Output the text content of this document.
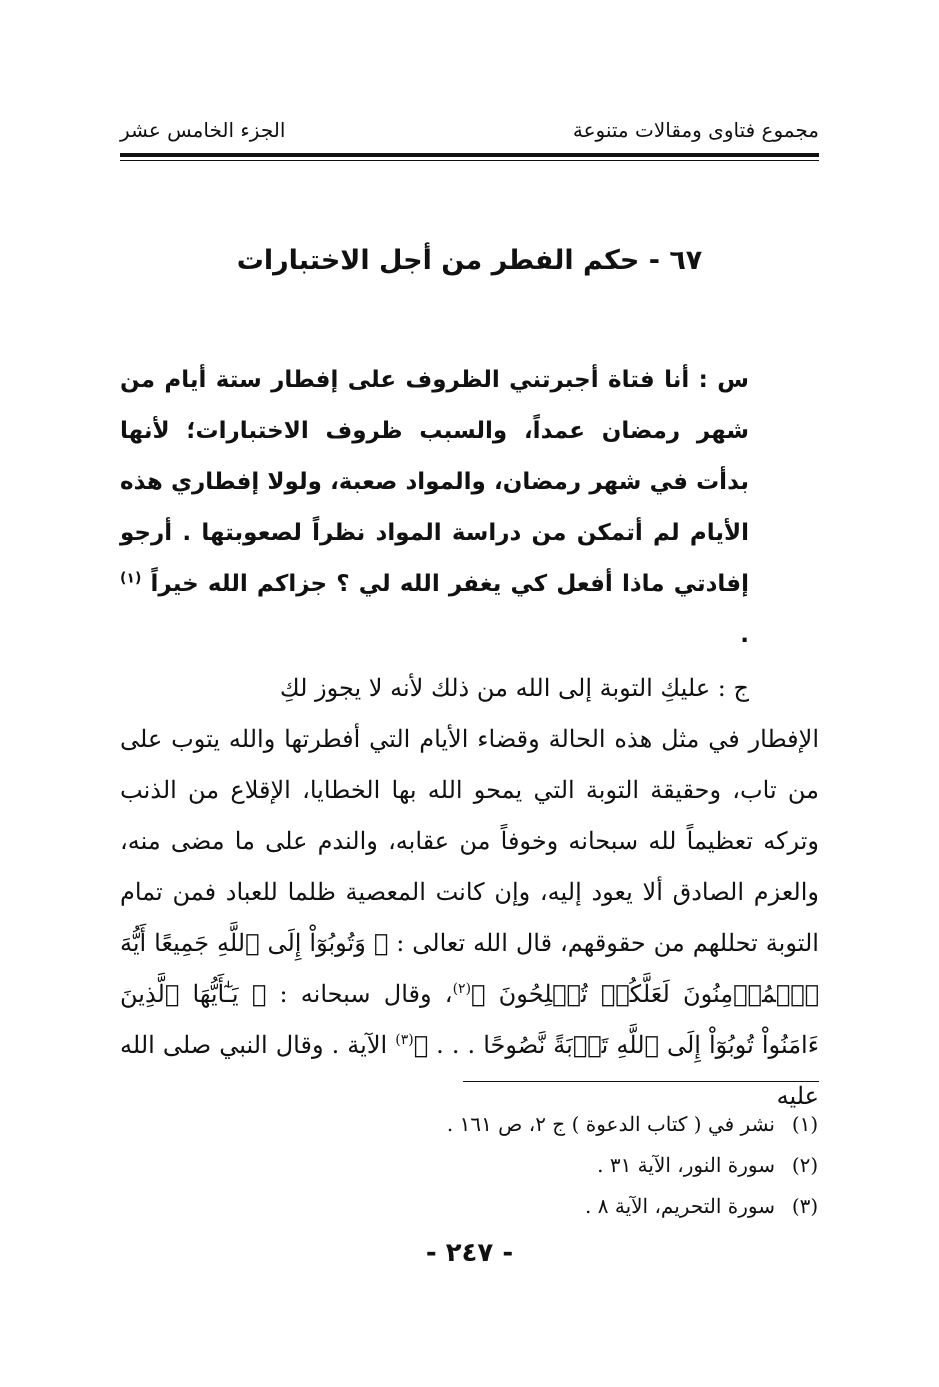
مجموع فتاوى ومقالات متنوعة
الجزء الخامس عشر
٦٧ - حكم الفطر من أجل الاختبارات

س : أنا فتاة أجبرتني الظروف على إفطار ستة أيام من شهر رمضان عمداً، والسبب ظروف الاختبارات؛ لأنها بدأت في شهر رمضان، والمواد صعبة، ولولا إفطاري هذه الأيام لم أتمكن من دراسة المواد نظراً لصعوبتها . أرجو إفادتي ماذا أفعل كي يغفر الله لي ؟ جزاكم الله خيراً $^{(١)}$ .

ج : عليكِ التوبة إلى الله من ذلك لأنه لا يجوز لكِ
الإفطار في مثل هذه الحالة وقضاء الأيام التي أفطرتها والله يتوب على من تاب، وحقيقة التوبة التي يمحو الله بها الخطايا، الإقلاع من الذنب وتركه تعظيماً لله سبحانه وخوفاً من عقابه، والندم على ما مضى منه، والعزم الصادق ألا يعود إليه، وإن كانت المعصية ظلما للعباد فمن تمام التوبة تحللهم من حقوقهم، قال الله تعالى : ﴿ وَتُوبُوٓاْ إِلَى ٱللَّهِ جَمِيعًا أَيُّهَ ٱلۡمُؤۡمِنُونَ لَعَلَّكُمۡ تُفۡلِحُونَ ﴾$^{(٢)}$، وقال سبحانه : ﴿ يَـٰٓأَيُّهَا ٱلَّذِينَ ءَامَنُواْ تُوبُوٓاْ إِلَى ٱللَّهِ تَوۡبَةً نَّصُوحًا . . . ﴾$^{(٣)}$ الآية . وقال النبي صلى الله عليه

(١)
نشر في ( كتاب الدعوة ) ج ٢، ص ١٦١ .
(٢)
سورة النور، الآية ٣١ .
(٣)
سورة التحريم، الآية ٨ .
- ٢٤٧ -
